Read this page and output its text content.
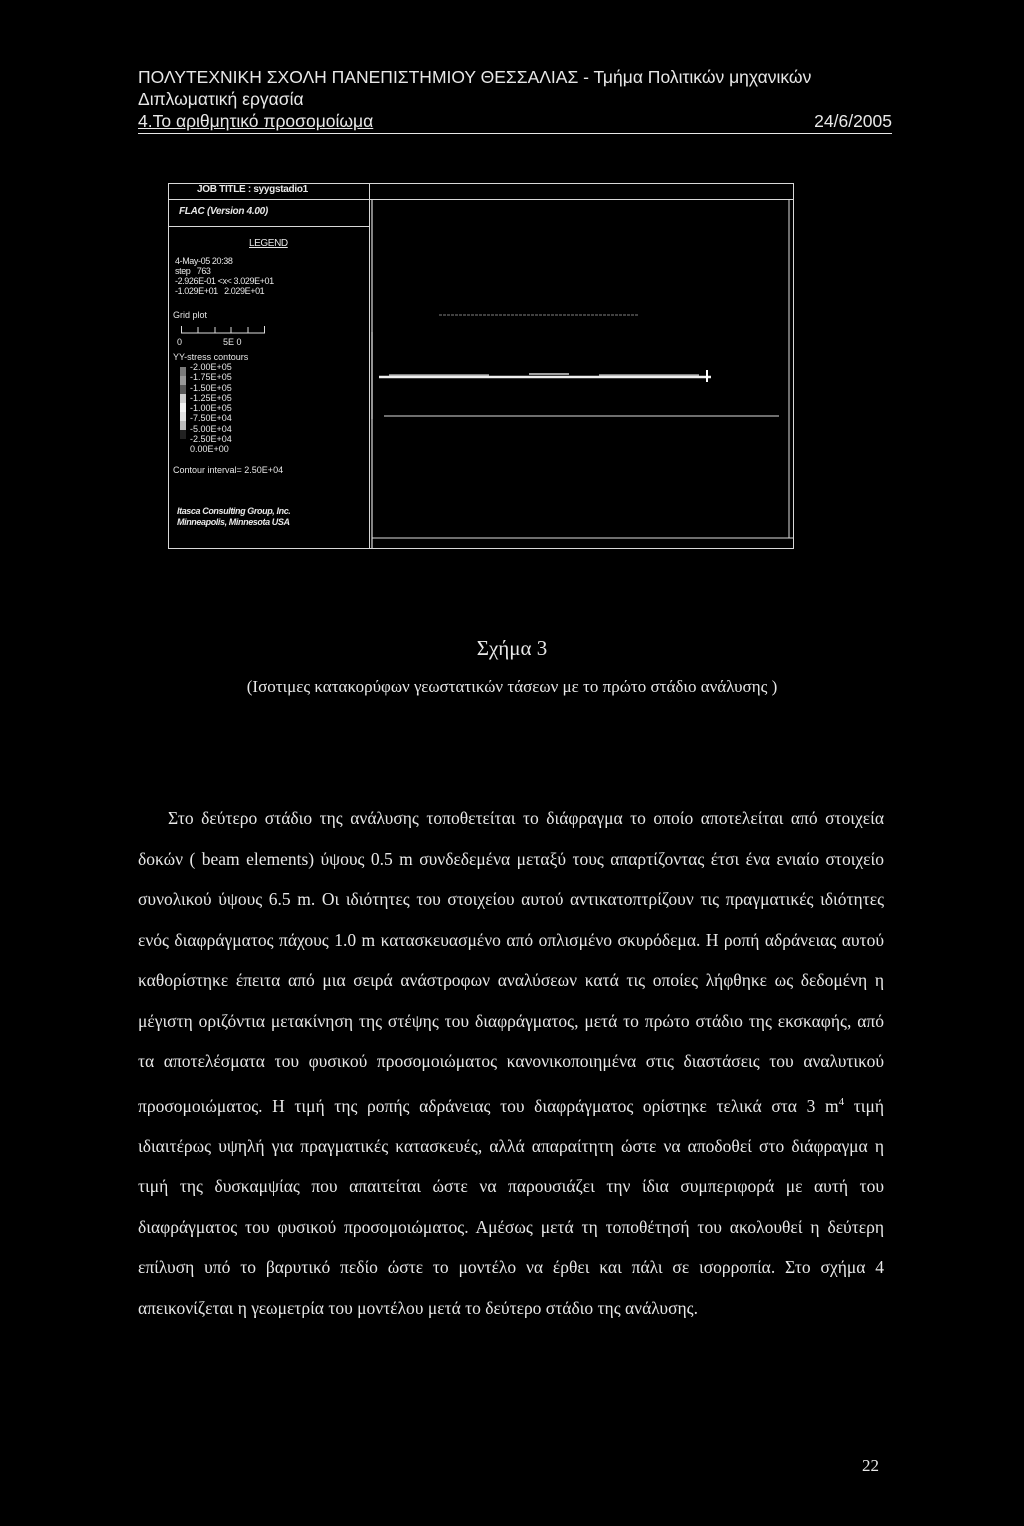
ΠΟΛΥΤΕΧΝΙΚΗ ΣΧΟΛΗ ΠΑΝΕΠΙΣΤΗΜΙΟΥ ΘΕΣΣΑΛΙΑΣ - Τμήμα Πολιτικών μηχανικών
Διπλωματική εργασία
4.Το αριθμητικό προσομοίωμα	24/6/2005
JOB TITLE : syygstadio1
FLAC (Version 4.00)
LEGEND
4-May-05 20:38
step   763
-2.926E-01 <x< 3.029E+01
-1.029E+01   2.029E+01
Grid plot
0	5E 0
YY-stress contours
-2.00E+05
-1.75E+05
-1.50E+05
-1.25E+05
-1.00E+05
-7.50E+04
-5.00E+04
-2.50E+04
0.00E+00
Contour interval= 2.50E+04
Itasca Consulting Group, Inc.
Minneapolis, Minnesota USA
Σχήμα 3
(Ισοτιμες κατακορύφων γεωστατικών τάσεων με το πρώτο στάδιο ανάλυσης )

Στο δεύτερο στάδιο της ανάλυσης τοποθετείται το διάφραγμα το οποίο αποτελείται από στοιχεία δοκών ( beam elements) ύψους 0.5 m συνδεδεμένα μεταξύ τους απαρτίζοντας έτσι ένα ενιαίο στοιχείο συνολικού ύψους 6.5 m. Οι ιδιότητες του στοιχείου αυτού αντικατοπτρίζουν τις πραγματικές ιδιότητες ενός διαφράγματος πάχους 1.0 m κατασκευασμένο από οπλισμένο σκυρόδεμα. Η ροπή αδράνειας αυτού καθορίστηκε έπειτα από μια σειρά ανάστροφων αναλύσεων κατά τις οποίες λήφθηκε ως δεδομένη η μέγιστη οριζόντια μετακίνηση της στέψης του διαφράγματος, μετά το πρώτο στάδιο της εκσκαφής, από τα αποτελέσματα του φυσικού προσομοιώματος κανονικοποιημένα στις διαστάσεις του αναλυτικού προσομοιώματος. Η τιμή της ροπής αδράνειας του διαφράγματος ορίστηκε τελικά στα 3 $m^4$ τιμή ιδιαιτέρως υψηλή για πραγματικές κατασκευές, αλλά απαραίτητη ώστε να αποδοθεί στο διάφραγμα η τιμή της δυσκαμψίας που απαιτείται ώστε να παρουσιάζει την ίδια συμπεριφορά με αυτή του διαφράγματος του φυσικού προσομοιώματος. Αμέσως μετά τη τοποθέτησή του ακολουθεί η δεύτερη επίλυση υπό το βαρυτικό πεδίο ώστε το μοντέλο να έρθει και πάλι σε ισορροπία. Στο σχήμα 4 απεικονίζεται η γεωμετρία του μοντέλου μετά το δεύτερο στάδιο της ανάλυσης.

22
